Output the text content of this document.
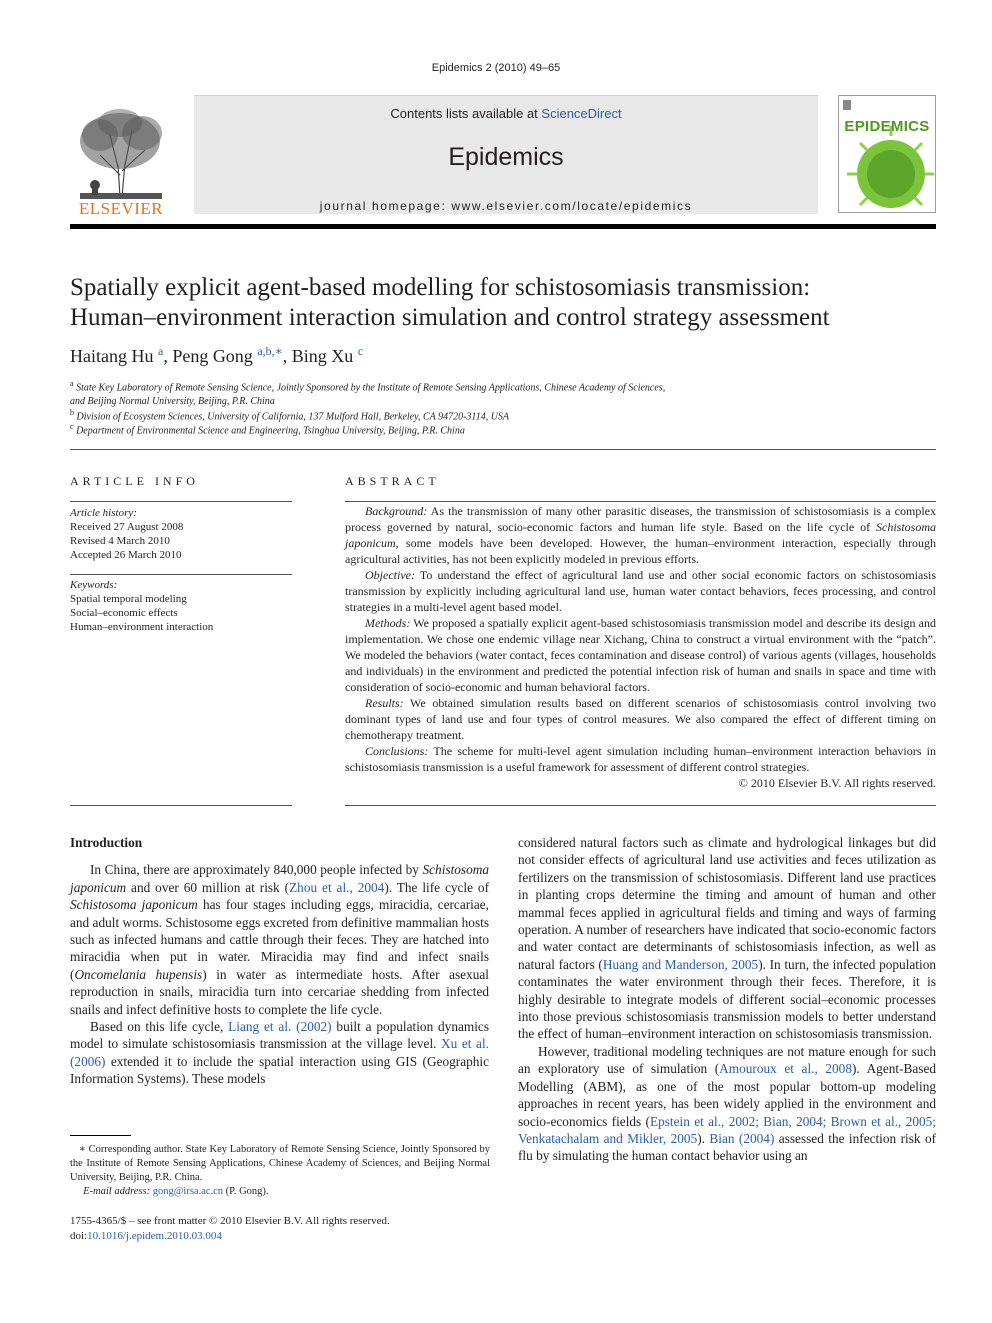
Epidemics 2 (2010) 49–65
ELSEVIER
Contents lists available at ScienceDirect
Epidemics
journal homepage: www.elsevier.com/locate/epidemics
EPIDEMICS
Spatially explicit agent-based modelling for schistosomiasis transmission:
Human–environment interaction simulation and control strategy assessment
Haitang Hu $^a$, Peng Gong $^{a,b,∗}$, Bing Xu $^c$
$^a$ State Key Laboratory of Remote Sensing Science, Jointly Sponsored by the Institute of Remote Sensing Applications, Chinese Academy of Sciences,
and Beijing Normal University, Beijing, P.R. China
$^b$ Division of Ecosystem Sciences, University of California, 137 Mulford Hall, Berkeley, CA 94720-3114, USA
$^c$ Department of Environmental Science and Engineering, Tsinghua University, Beijing, P.R. China
ARTICLE INFO
Article history:
Received 27 August 2008
Revised 4 March 2010
Accepted 26 March 2010
Keywords:
Spatial temporal modeling
Social–economic effects
Human–environment interaction
ABSTRACT

Background: As the transmission of many other parasitic diseases, the transmission of schistosomiasis is a complex process governed by natural, socio-economic factors and human life style. Based on the life cycle of Schistosoma japonicum, some models have been developed. However, the human–environment interaction, especially through agricultural activities, has not been explicitly modeled in previous efforts.

Objective: To understand the effect of agricultural land use and other social economic factors on schistosomiasis transmission by explicitly including agricultural land use, human water contact behaviors, feces processing, and control strategies in a multi-level agent based model.

Methods: We proposed a spatially explicit agent-based schistosomiasis transmission model and describe its design and implementation. We chose one endemic village near Xichang, China to construct a virtual environment with the “patch”. We modeled the behaviors (water contact, feces contamination and disease control) of various agents (villages, households and individuals) in the environment and predicted the potential infection risk of human and snails in space and time with consideration of socio-economic and human behavioral factors.

Results: We obtained simulation results based on different scenarios of schistosomiasis control involving two dominant types of land use and four types of control measures. We also compared the effect of different timing on chemotherapy treatment.

Conclusions: The scheme for multi-level agent simulation including human–environment interaction behaviors in schistosomiasis transmission is a useful framework for assessment of different control strategies.

© 2010 Elsevier B.V. All rights reserved.

Introduction

In China, there are approximately 840,000 people infected by Schistosoma japonicum and over 60 million at risk (Zhou et al., 2004). The life cycle of Schistosoma japonicum has four stages including eggs, miracidia, cercariae, and adult worms. Schistosome eggs excreted from definitive mammalian hosts such as infected humans and cattle through their feces. They are hatched into miracidia when put in water. Miracidia may find and infect snails (Oncomelania hupensis) in water as intermediate hosts. After asexual reproduction in snails, miracidia turn into cercariae shedding from infected snails and infect definitive hosts to complete the life cycle.

Based on this life cycle, Liang et al. (2002) built a population dynamics model to simulate schistosomiasis transmission at the village level. Xu et al. (2006) extended it to include the spatial interaction using GIS (Geographic Information Systems). These models

considered natural factors such as climate and hydrological linkages but did not consider effects of agricultural land use activities and feces utilization as fertilizers on the transmission of schistosomiasis. Different land use practices in planting crops determine the timing and amount of human and other mammal feces applied in agricultural fields and timing and ways of farming operation. A number of researchers have indicated that socio-economic factors and water contact are determinants of schistosomiasis infection, as well as natural factors (Huang and Manderson, 2005). In turn, the infected population contaminates the water environment through their feces. Therefore, it is highly desirable to integrate models of different social–economic processes into those previous schistosomiasis transmission models to better understand the effect of human–environment interaction on schistosomiasis transmission.

However, traditional modeling techniques are not mature enough for such an exploratory use of simulation (Amouroux et al., 2008). Agent-Based Modelling (ABM), as one of the most popular bottom-up modeling approaches in recent years, has been widely applied in the environment and socio-economics fields (Epstein et al., 2002; Bian, 2004; Brown et al., 2005; Venkatachalam and Mikler, 2005). Bian (2004) assessed the infection risk of flu by simulating the human contact behavior using an

∗ Corresponding author. State Key Laboratory of Remote Sensing Science, Jointly Sponsored by the Institute of Remote Sensing Applications, Chinese Academy of Sciences, and Beijing Normal University, Beijing, P.R. China.
E-mail address: gong@irsa.ac.cn (P. Gong).
1755-4365/$ – see front matter © 2010 Elsevier B.V. All rights reserved.
doi:10.1016/j.epidem.2010.03.004
